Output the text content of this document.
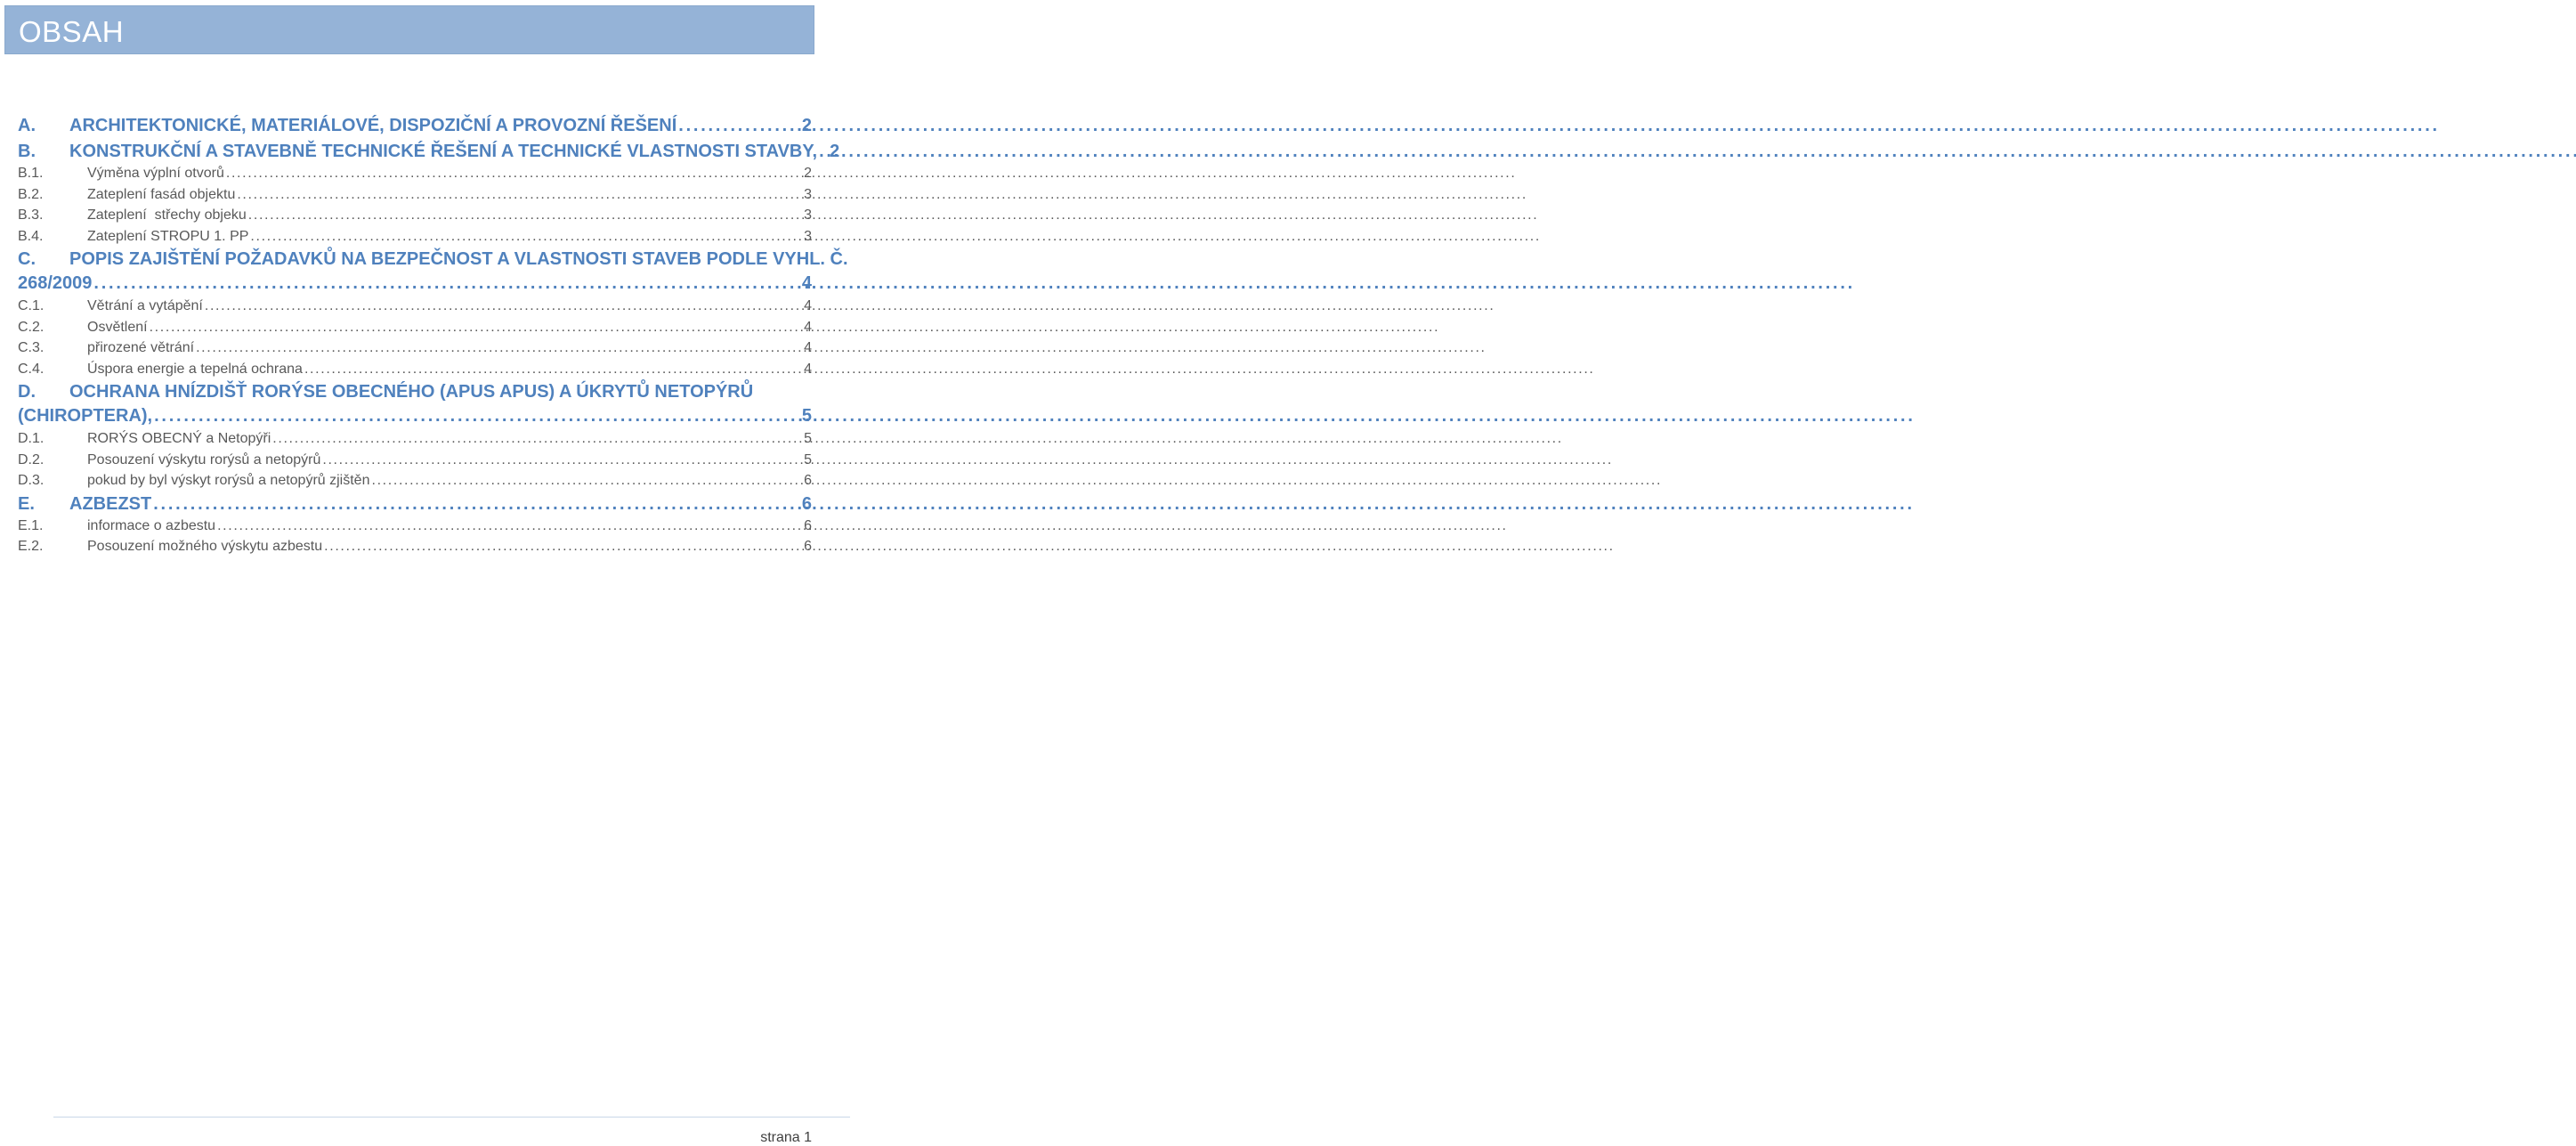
OBSAH
A.	ARCHITEKTONICKÉ, MATERIÁLOVÉ, DISPOZIČNÍ A PROVOZNÍ ŘEŠENÍ . . .	2
B.	KONSTRUKČNÍ A STAVEBNĚ TECHNICKÉ ŘEŠENÍ A TECHNICKÉ VLASTNOSTI STAVBY, . . . 2
B.1.	Výměna výplní otvorů . . .	2
B.2.	Zateplení fasád objektu . . .	3
B.3.	Zateplení  střechy objeku . . .	3
B.4.	Zateplení STROPU 1. PP . . .	3
C.	POPIS ZAJIŠTĚNÍ POŽADAVKŮ NA BEZPEČNOST A VLASTNOSTI STAVEB PODLE VYHL. Č.
268/2009 . . .	4
C.1.	Větrání a vytápění . . .	4
C.2.	Osvětlení . . .	4
C.3.	přirozené větrání . . .	4
C.4.	Úspora energie a tepelná ochrana . . .	4
D.	OCHRANA HNÍZDIŠŤ RORÝSE OBECNÉHO (APUS APUS) A ÚKRYTŮ NETOPÝRŮ
(CHIROPTERA), . . .	5
D.1.	RORÝS OBECNÝ a Netopýři . . .	5
D.2.	Posouzení výskytu rorýsů a netopýrů . . .	5
D.3.	pokud by byl výskyt rorýsů a netopýrů zjištěn . . .	6
E.	AZBEZST . . .	6
E.1.	informace o azbestu . . .	6
E.2.	Posouzení možného výskytu azbestu . . .	6
strana 1
